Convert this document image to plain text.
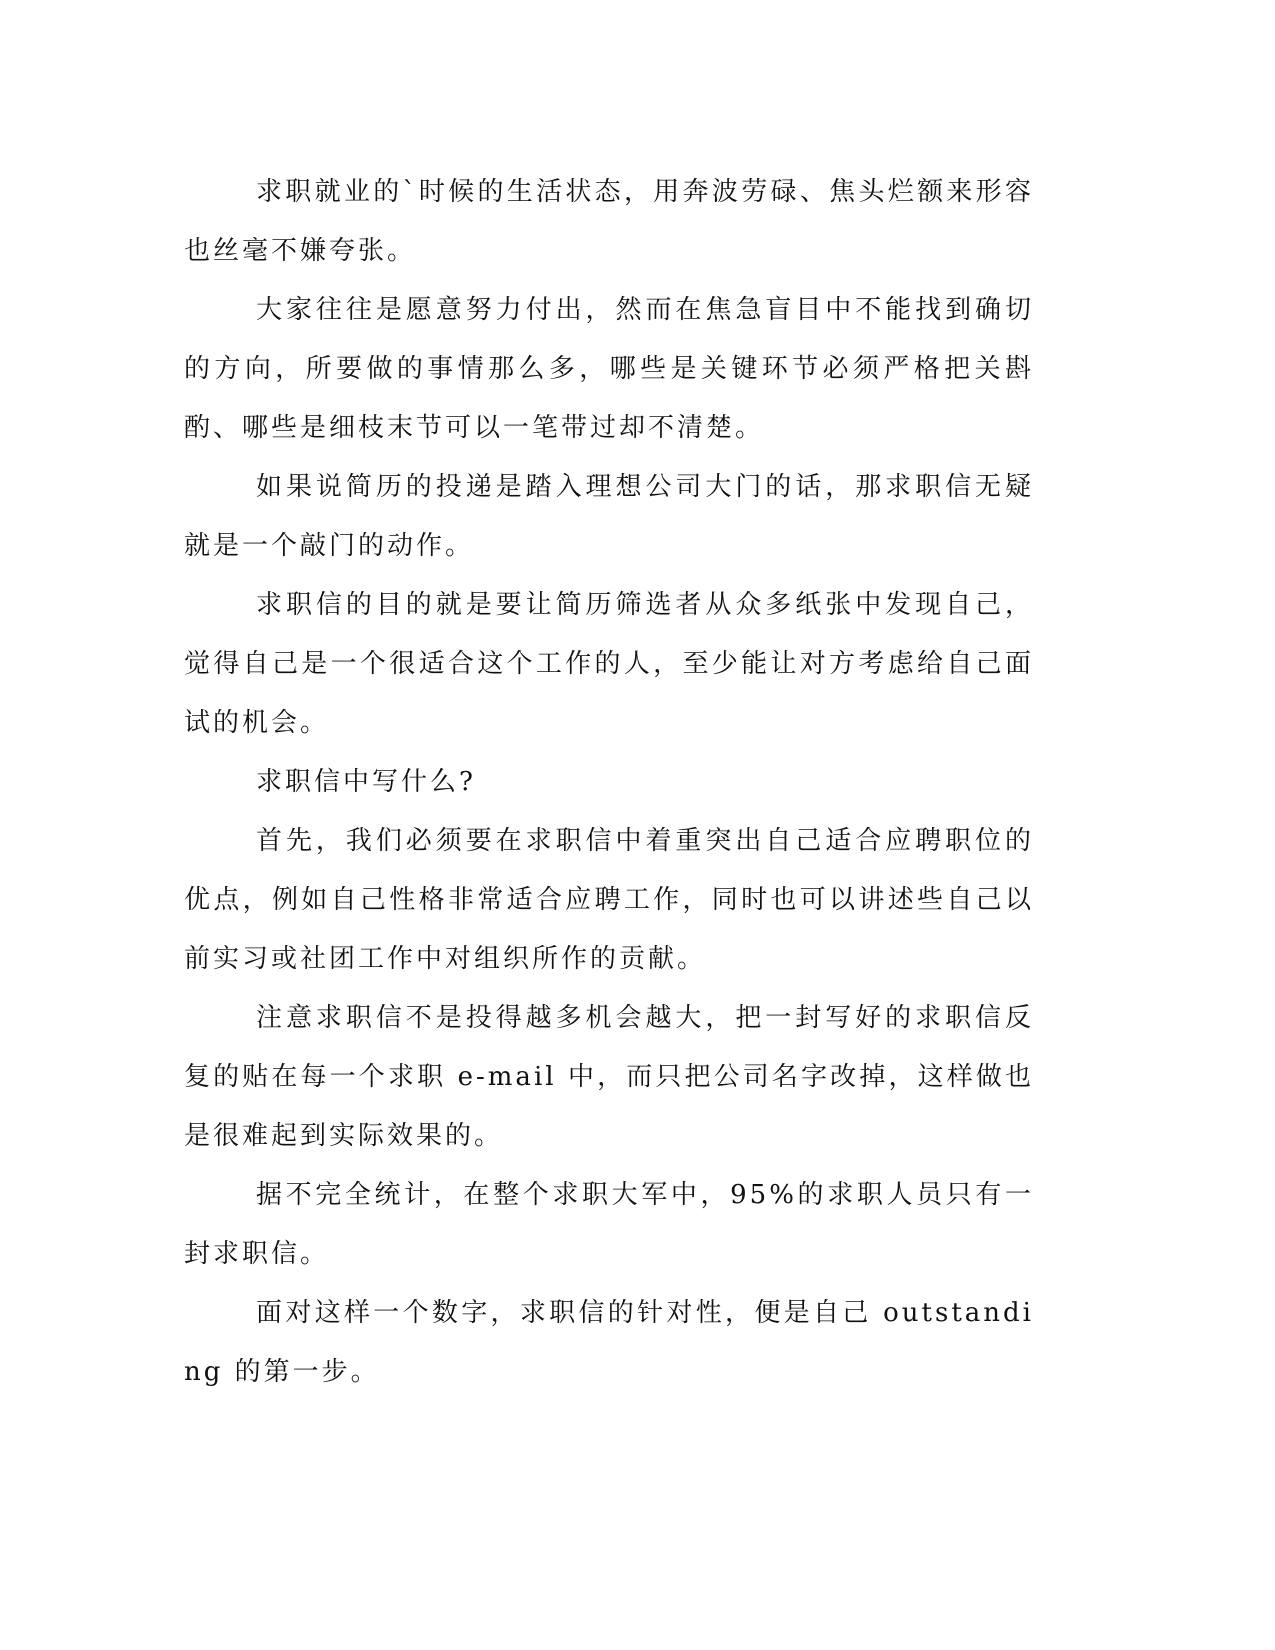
求职就业的`时候的生活状态，用奔波劳碌、焦头烂额来形容也丝毫不嫌夸张。

大家往往是愿意努力付出，然而在焦急盲目中不能找到确切的方向，所要做的事情那么多，哪些是关键环节必须严格把关斟酌、哪些是细枝末节可以一笔带过却不清楚。

如果说简历的投递是踏入理想公司大门的话，那求职信无疑就是一个敲门的动作。

求职信的目的就是要让简历筛选者从众多纸张中发现自己，觉得自己是一个很适合这个工作的人，至少能让对方考虑给自己面试的机会。

求职信中写什么?

首先，我们必须要在求职信中着重突出自己适合应聘职位的优点，例如自己性格非常适合应聘工作，同时也可以讲述些自己以前实习或社团工作中对组织所作的贡献。

注意求职信不是投得越多机会越大，把一封写好的求职信反复的贴在每一个求职 e-mail 中，而只把公司名字改掉，这样做也是很难起到实际效果的。

据不完全统计，在整个求职大军中，95%的求职人员只有一封求职信。

面对这样一个数字，求职信的针对性，便是自己 outstanding 的第一步。
